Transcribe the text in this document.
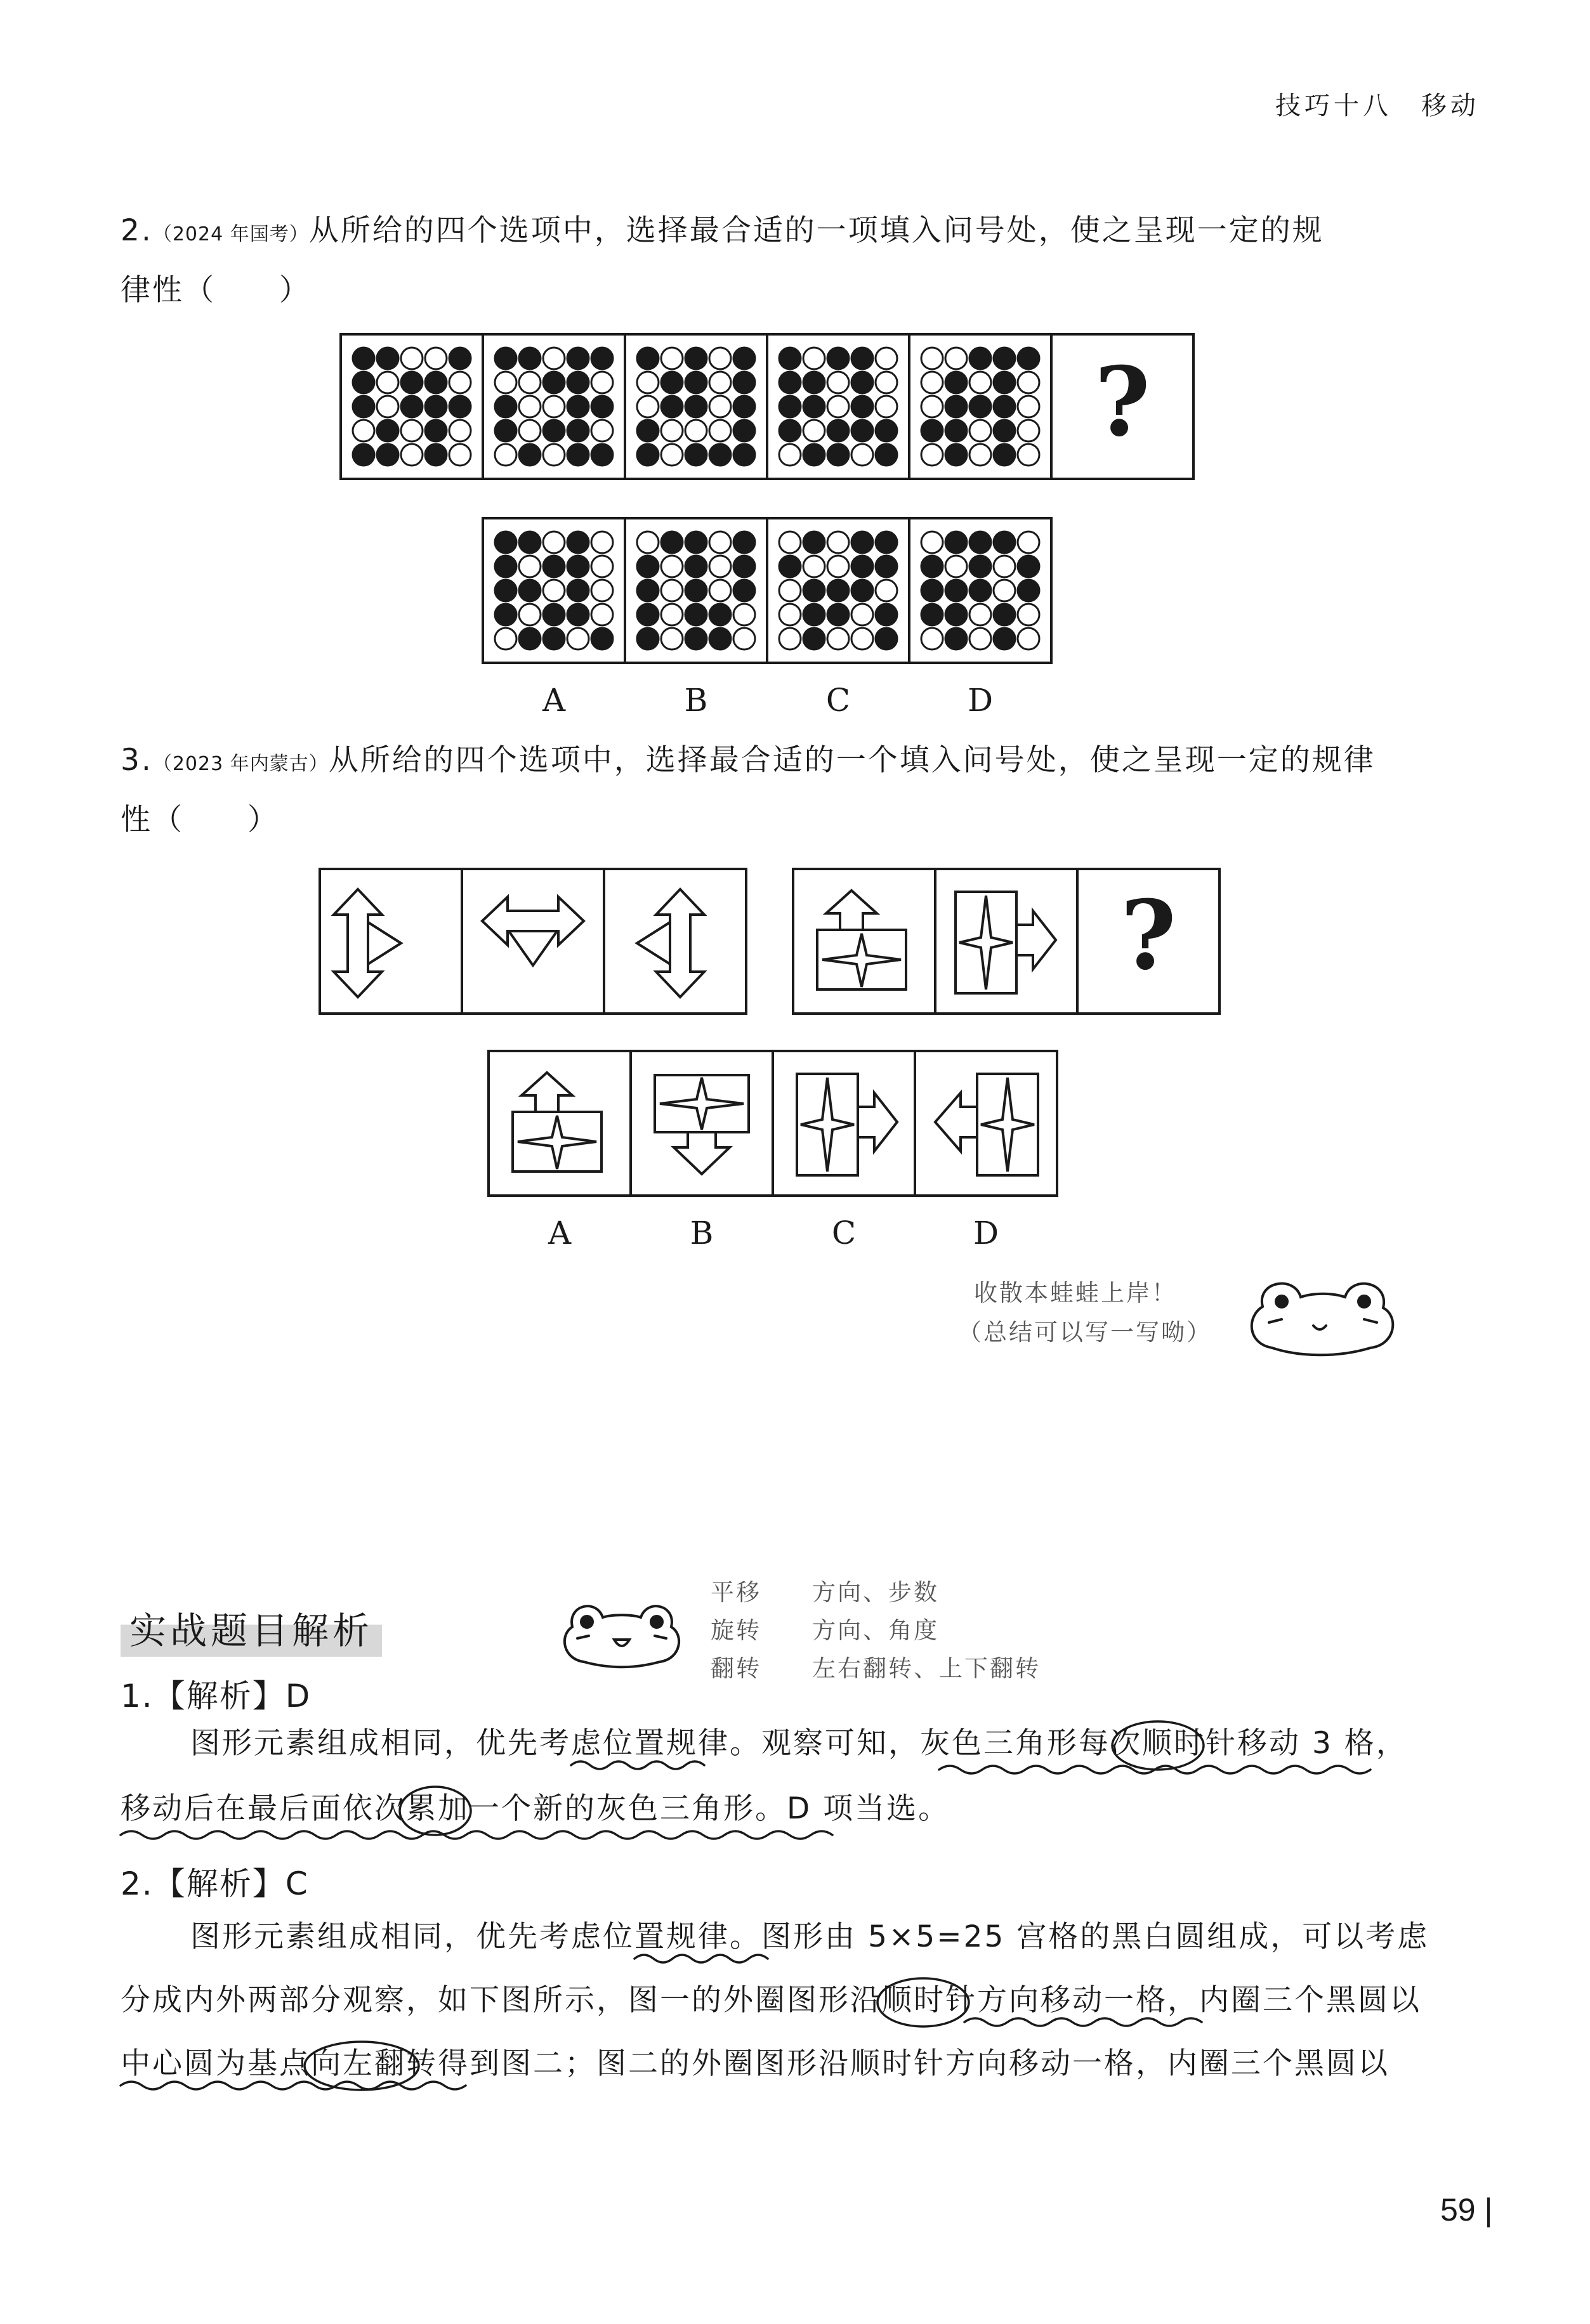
技巧十八　移动
2.（2024 年国考）从所给的四个选项中，选择最合适的一项填入问号处，使之呈现一定的规
律性（　　）
?
A	B	C	D
3.（2023 年内蒙古）从所给的四个选项中，选择最合适的一个填入问号处，使之呈现一定的规律
性（　　）
?
A	B	C	D
收散本蛙蛙上岸！
（总结可以写一写呦）
实战题目解析
平移　　 方向、步数
旋转　　 方向、角度
翻转　　 左右翻转、上下翻转
1.【解析】D
图形元素组成相同，优先考虑位置规律。观察可知，灰色三角形每次顺时针移动 3 格，
移动后在最后面依次累加一个新的灰色三角形。D 项当选。
2.【解析】C
图形元素组成相同，优先考虑位置规律。图形由 5×5=25 宫格的黑白圆组成，可以考虑
分成内外两部分观察，如下图所示，图一的外圈图形沿顺时针方向移动一格，内圈三个黑圆以
中心圆为基点向左翻转得到图二；图二的外圈图形沿顺时针方向移动一格，内圈三个黑圆以
59 |
